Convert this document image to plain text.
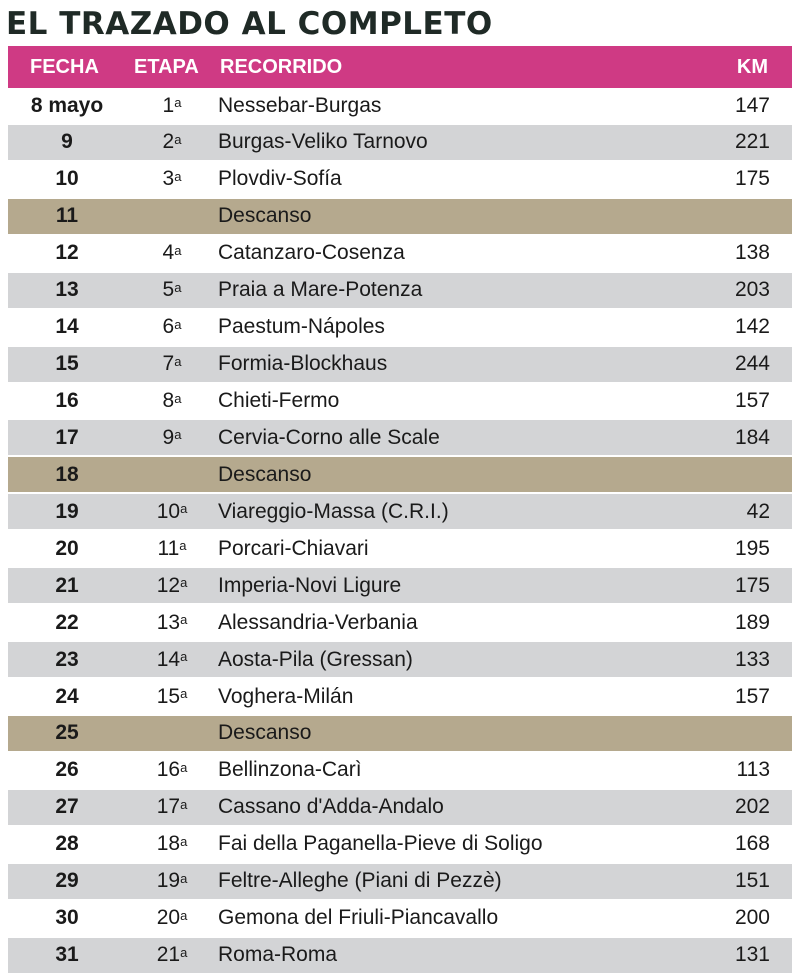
EL TRAZADO AL COMPLETO
FECHA ETAPA RECORRIDO	KM
8 mayo	1$^a$ Nessebar-Burgas	147
9	2$^a$ Burgas-Veliko Tarnovo	221
10	3$^a$ Plovdiv-Sofía	175
11	Descanso
12	4$^a$ Catanzaro-Cosenza	138
13	5$^a$ Praia a Mare-Potenza	203
14	6$^a$ Paestum-Nápoles	142
15	7$^a$ Formia-Blockhaus	244
16	8$^a$ Chieti-Fermo	157
17	9$^a$ Cervia-Corno alle Scale	184
18	Descanso
19	10$^a$ Viareggio-Massa (C.R.I.)	42
20	11$^a$ Porcari-Chiavari	195
21	12$^a$ Imperia-Novi Ligure	175
22	13$^a$ Alessandria-Verbania	189
23	14$^a$ Aosta-Pila (Gressan)	133
24	15$^a$ Voghera-Milán	157
25	Descanso
26	16$^a$ Bellinzona-Carì	113
27	17$^a$ Cassano d'Adda-Andalo	202
28	18$^a$ Fai della Paganella-Pieve di Soligo	168
29	19$^a$ Feltre-Alleghe (Piani di Pezzè)	151
30	20$^a$ Gemona del Friuli-Piancavallo	200
31	21$^a$ Roma-Roma	131
